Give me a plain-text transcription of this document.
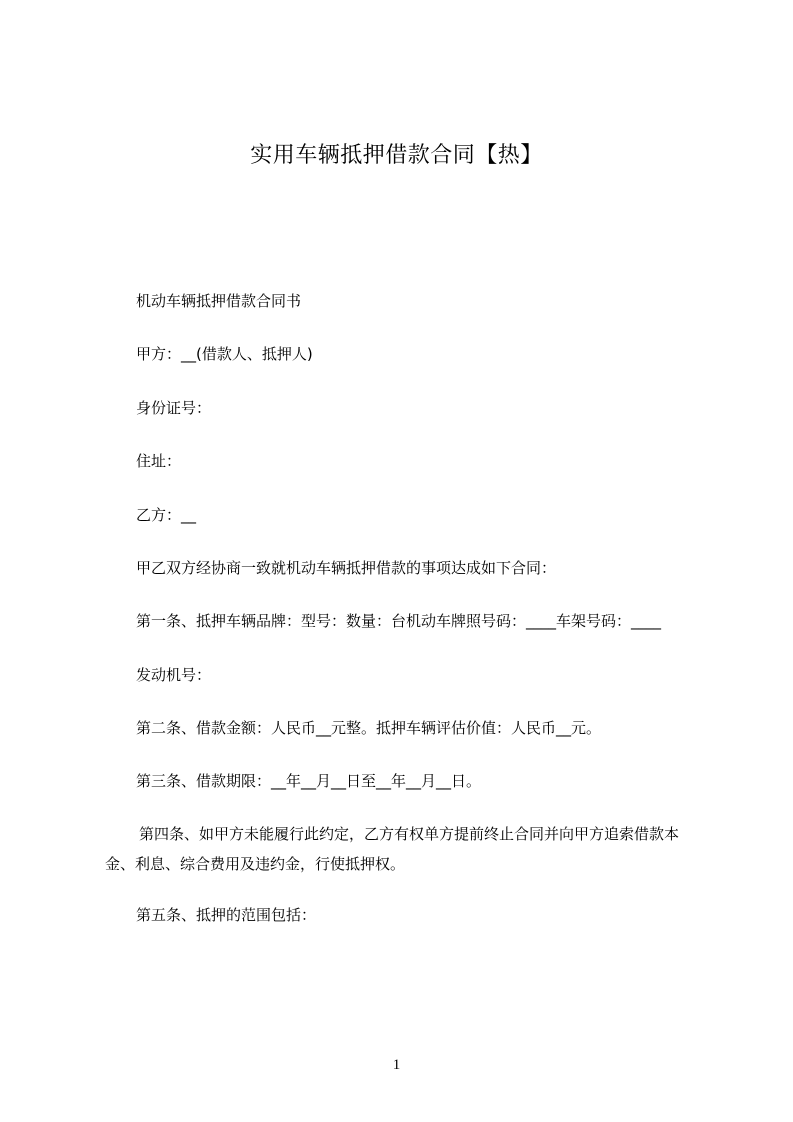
实用车辆抵押借款合同【热】
机动车辆抵押借款合同书
甲方：__(借款人、抵押人)
身份证号：
住址：
乙方：__
甲乙双方经协商一致就机动车辆抵押借款的事项达成如下合同：
第一条、抵押车辆品牌：型号：数量：台机动车牌照号码：____车架号码：____
发动机号：
第二条、借款金额：人民币__元整。抵押车辆评估价值：人民币__元。
第三条、借款期限：__年__月__日至__年__月__日。
第四条、如甲方未能履行此约定，乙方有权单方提前终止合同并向甲方追索借款本金、利息、综合费用及违约金，行使抵押权。
第五条、抵押的范围包括：
1
